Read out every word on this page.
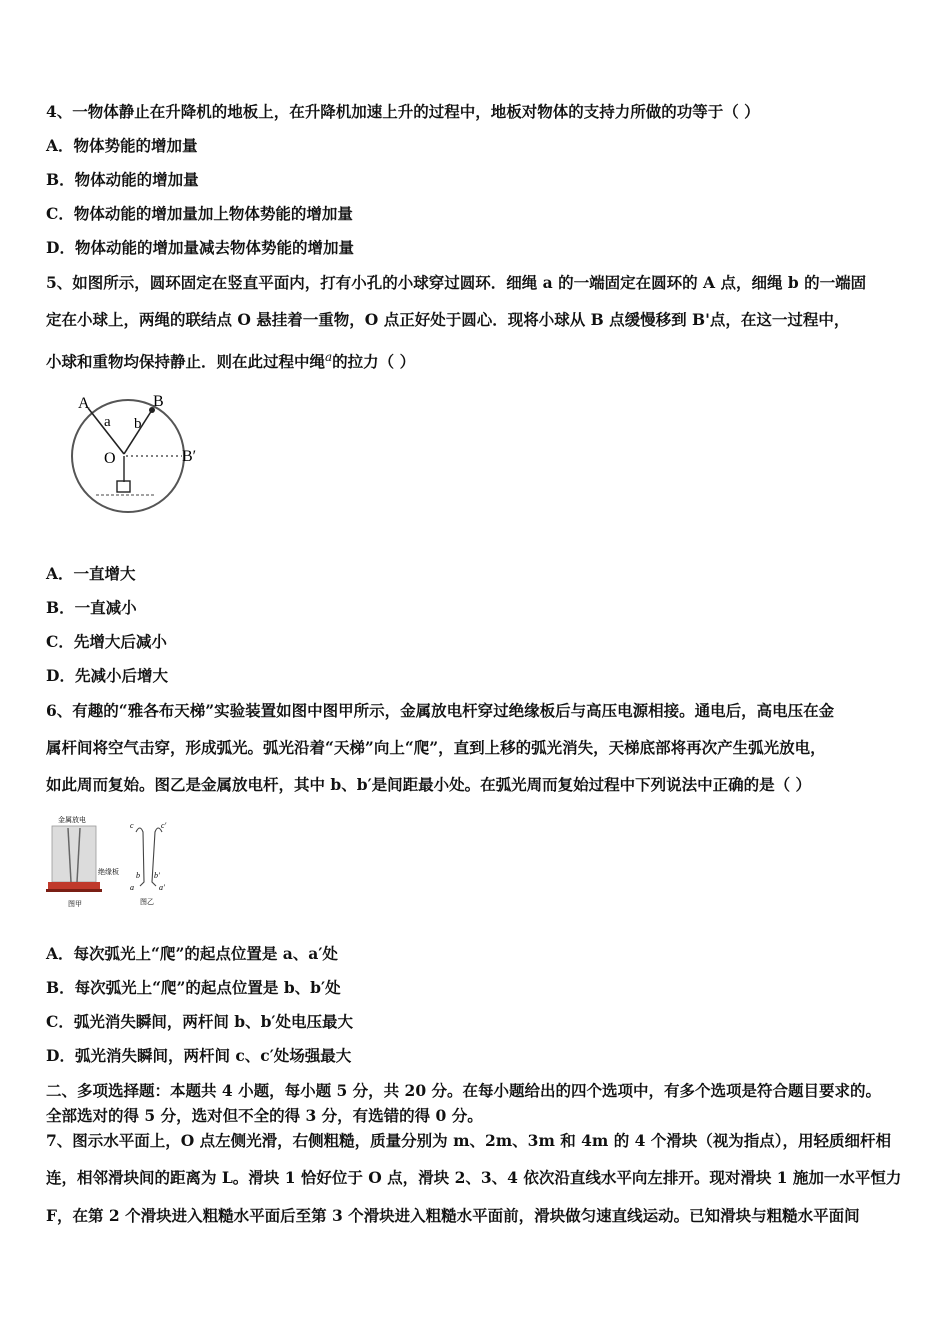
4、一物体静止在升降机的地板上，在升降机加速上升的过程中，地板对物体的支持力所做的功等于（ ）
A．物体势能的增加量
B．物体动能的增加量
C．物体动能的增加量加上物体势能的增加量
D．物体动能的增加量减去物体势能的增加量
5、如图所示，圆环固定在竖直平面内，打有小孔的小球穿过圆环．细绳 a 的一端固定在圆环的 A 点，细绳 b 的一端固
定在小球上，两绳的联结点 O 悬挂着一重物，O 点正好处于圆心．现将小球从 B 点缓慢移到 B'点，在这一过程中，
小球和重物均保持静止．则在此过程中绳$^a$的拉力（ ）
A	B
a b
O	B′
A．一直增大
B．一直减小
C．先增大后减小
D．先减小后增大
6、有趣的“雅各布天梯”实验装置如图中图甲所示，金属放电杆穿过绝缘板后与高压电源相接。通电后，高电压在金
属杆间将空气击穿，形成弧光。弧光沿着“天梯”向上“爬”，直到上移的弧光消失，天梯底部将再次产生弧光放电，
如此周而复始。图乙是金属放电杆，其中 b、b′是间距最小处。在弧光周而复始过程中下列说法中正确的是（ ）
金属放电
绝缘板
图甲
c	c′
b b′
a	a′
图乙
A．每次弧光上“爬”的起点位置是 a、a′处
B．每次弧光上“爬”的起点位置是 b、b′处
C．弧光消失瞬间，两杆间 b、b′处电压最大
D．弧光消失瞬间，两杆间 c、c′处场强最大
二、多项选择题：本题共 4 小题，每小题 5 分，共 20 分。在每小题给出的四个选项中，有多个选项是符合题目要求的。
全部选对的得 5 分，选对但不全的得 3 分，有选错的得 0 分。
7、图示水平面上，O 点左侧光滑，右侧粗糙，质量分别为 m、2m、3m 和 4m 的 4 个滑块（视为指点），用轻质细杆相
连，相邻滑块间的距离为 L。滑块 1 恰好位于 O 点，滑块 2、3、4 依次沿直线水平向左排开。现对滑块 1 施加一水平恒力
F，在第 2 个滑块进入粗糙水平面后至第 3 个滑块进入粗糙水平面前，滑块做匀速直线运动。已知滑块与粗糙水平面间
